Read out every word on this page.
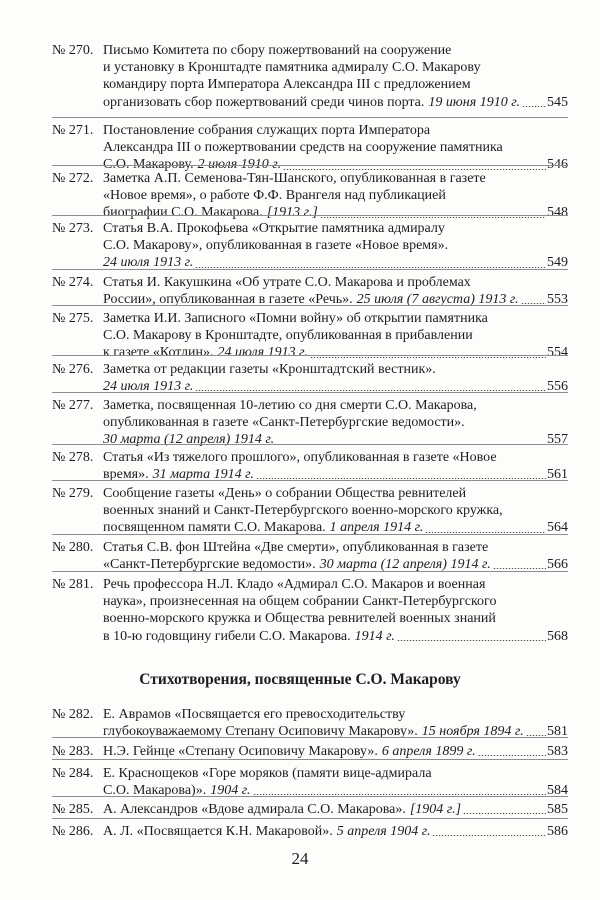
№ 270. Письмо Комитета по сбору пожертвований на сооружение
и установку в Кронштадте памятника адмиралу С.О. Макарову
командиру порта Императора Александра III с предложением
организовать сбор пожертвований среди чинов порта. 19 июня 1910 г. 545
№ 271. Постановление собрания служащих порта Императора
Александра III о пожертвовании средств на сооружение памятника
С.О. Макарову. 2 июля 1910 г.	546
№ 272. Заметка А.П. Семенова-Тян-Шанского, опубликованная в газете
«Новое время», о работе Ф.Ф. Врангеля над публикацией
биографии С.О. Макарова. [1913 г.]	548
№ 273. Статья В.А. Прокофьева «Открытие памятника адмиралу
С.О. Макарову», опубликованная в газете «Новое время».
24 июля 1913 г.	549
№ 274. Статья И. Какушкина «Об утрате С.О. Макарова и проблемах
России», опубликованная в газете «Речь». 25 июля (7 августа) 1913 г. 553
№ 275. Заметка И.И. Записного «Помни войну» об открытии памятника
С.О. Макарову в Кронштадте, опубликованная в прибавлении
к газете «Котлин». 24 июля 1913 г.	554
№ 276. Заметка от редакции газеты «Кронштадтский вестник».
24 июля 1913 г.	556
№ 277. Заметка, посвященная 10-летию со дня смерти С.О. Макарова,
опубликованная в газете «Санкт-Петербургские ведомости».
30 марта (12 апреля) 1914 г.	557
№ 278. Статья «Из тяжелого прошлого», опубликованная в газете «Новое
время». 31 марта 1914 г.	561
№ 279. Сообщение газеты «День» о собрании Общества ревнителей
военных знаний и Санкт-Петербургского военно-морского кружка,
посвященном памяти С.О. Макарова. 1 апреля 1914 г.	564
№ 280. Статья С.В. фон Штейна «Две смерти», опубликованная в газете
«Санкт-Петербургские ведомости». 30 марта (12 апреля) 1914 г.	566
№ 281. Речь профессора Н.Л. Кладо «Адмирал С.О. Макаров и военная
наука», произнесенная на общем собрании Санкт-Петербургского
военно-морского кружка и Общества ревнителей военных знаний
в 10-ю годовщину гибели С.О. Макарова. 1914 г.	568
№ 282. Е. Аврамов «Посвящается его превосходительству
глубокоуважаемому Степану Осиповичу Макарову». 15 ноября 1894 г. 581
№ 283. Н.Э. Гейнце «Степану Осиповичу Макарову». 6 апреля 1899 г.	583
№ 284. Е. Краснощеков «Горе моряков (памяти вице-адмирала
С.О. Макарова)». 1904 г.	584
№ 285. А. Александров «Вдове адмирала С.О. Макарова». [1904 г.]	585
№ 286. А. Л. «Посвящается К.Н. Макаровой». 5 апреля 1904 г.	586
Стихотворения, посвященные С.О. Макарову
24
